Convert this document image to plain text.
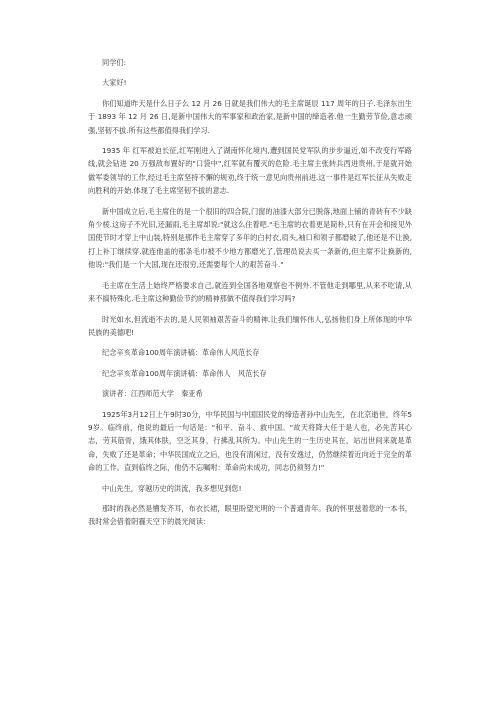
同学们:

大家好!

你们知道昨天是什么日子么 12 月 26 日就是我们伟大的毛主席诞辰 117 周年的日子.毛泽东出生于 1893 年 12 月 26 日,是新中国伟大的军事家和政治家,是新中国的缔造者.他一生勤劳节俭,意志顽强,坚韧不拔.所有这些都值得我们学习.

1935 年 红军被迫长征,红军刚进入了湖南怀化境内,遭到国民党军队的步步逼近,如不改变行军路线,就会钻进 20 万强敌布置好的"口袋中",红军就有覆灭的危险.毛主席主张转兵西进贵州,于是就开始做军委领导的工作,经过毛主席坚持不懈的规劝,终于统一意见向贵州前进.这一事件是红军长征从失败走向胜利的开始.体现了毛主席坚韧不拔的意志.

新中国成立后,毛主席住的是一个很旧的四合院,门窗的油漆大部分已脱落,地面上铺的青砖有不少缺角少棱.这房子不光旧,还漏雨,毛主席却说:"就这么住着吧."毛主席的衣着更是简朴,只有在开会和接见外国使节时才穿上中山装,特别是那件毛主席穿了多年的白衬衣,肩头,袖口和领子都磨破了,他还是不让换,打上补丁继续穿.就连他盖的那条毛巾被不少地方都磨光了,管理员说去买一条新的,但主席不让换新的,他说:"我们是一个大国,现在还很穷,还需要每个人的艰苦奋斗."

毛主席在生活上始终严格要求自己,就连到全国各地观察也不例外.不管他走到哪里,从来不吃请,从来不搞特殊化.毛主席这种勤俭节约的精神那做不值得我们学习吗?

时光如水,但流逝不去的,是人民领袖艰苦奋斗的精神.让我们缅怀伟人,弘扬他们身上所体现的中华民族的美德吧!

纪念辛亥革命100周年演讲稿：革命伟人风范长存

纪念辛亥革命100周年演讲稿：革命伟人　风范长存

演讲者：江西师范大学　秦亚希

1925年3月12日上午9时30分，中华民国与中国国民党的缔造者孙中山先生，在北京逝世，终年59岁。临终前，他说的最后一句话是："和平、奋斗、救中国。"故天将降大任于是人也，必先苦其心志，劳其筋骨，饿其体肤，空乏其身，行拂乱其所为。中山先生的一生历史其在，站出世间来就是革命，失败了还是革命；中华民国成立之后，也没有清闲过，没有安逸过，仍然继续着近向近于完全的革命的工作。直到临终之际，他仍不忘嘱咐：革命尚未成功，同志仍须努力!"

中山先生，穿越历史的洪流，我多想见到您!

那时的我必然是懵发齐耳，布衣长裙，眼里盼望光明的一个普通青年。我的怀里兹着您的一本书，我时常会借着阴霾天空下的晨光阅读：
